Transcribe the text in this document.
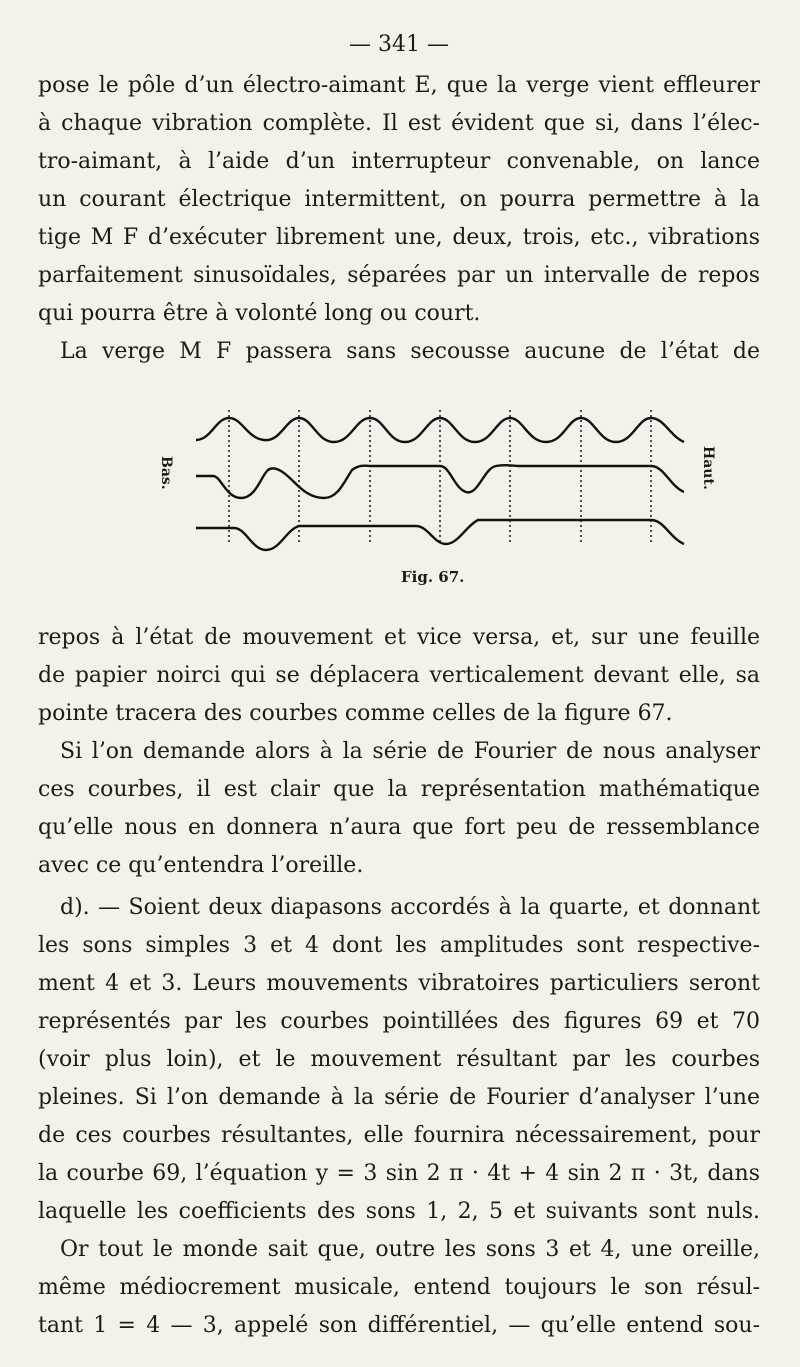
— 341 —
pose le pôle d’un électro-aimant E, que la verge vient effleurer
à chaque vibration complète. Il est évident que si, dans l’élec-
tro-aimant, à l’aide d’un interrupteur convenable, on lance
un courant électrique intermittent, on pourra permettre à la
tige M F d’exécuter librement une, deux, trois, etc., vibrations
parfaitement sinusoïdales, séparées par un intervalle de repos
qui pourra être à volonté long ou court.
La verge M F passera sans secousse aucune de l’état de
Bas.	Haut.
Fig. 67.
repos à l’état de mouvement et vice versa, et, sur une feuille
de papier noirci qui se déplacera verticalement devant elle, sa
pointe tracera des courbes comme celles de la figure 67.
Si l’on demande alors à la série de Fourier de nous analyser
ces courbes, il est clair que la représentation mathématique
qu’elle nous en donnera n’aura que fort peu de ressemblance
avec ce qu’entendra l’oreille.
d). — Soient deux diapasons accordés à la quarte, et donnant
les sons simples 3 et 4 dont les amplitudes sont respective-
ment 4 et 3. Leurs mouvements vibratoires particuliers seront
représentés par les courbes pointillées des figures 69 et 70
(voir plus loin), et le mouvement résultant par les courbes
pleines. Si l’on demande à la série de Fourier d’analyser l’une
de ces courbes résultantes, elle fournira nécessairement, pour
la courbe 69, l’équation y = 3 sin 2 π · 4t + 4 sin 2 π · 3t, dans
laquelle les coefficients des sons 1, 2, 5 et suivants sont nuls.
Or tout le monde sait que, outre les sons 3 et 4, une oreille,
même médiocrement musicale, entend toujours le son résul-
tant 1 = 4 — 3, appelé son différentiel, — qu’elle entend sou-
